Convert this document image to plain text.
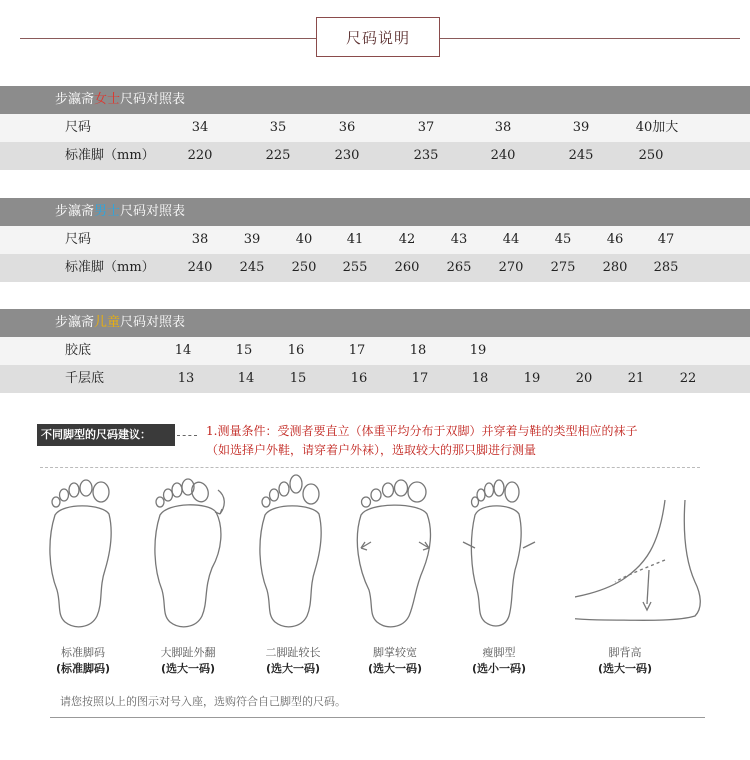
尺码说明
步瀛斋女士尺码对照表
尺码	34	35	36	37	38	39	40加大
标准脚（mm）	220	225	230	235	240	245	250
步瀛斋男士尺码对照表
尺码	38	39	40	41	42	43	44	45	46	47
标准脚（mm）	240 245 250 255 260 265 270 275 280 285
步瀛斋儿童尺码对照表
胶底	14	15	16	17	18	19
千层底	13	14	15	16	17	18	19	20	21	22
不同脚型的尺码建议：	1.测量条件：受测者要直立（体重平均分布于双脚）并穿着与鞋的类型相应的袜子
（如选择户外鞋，请穿着户外袜），选取较大的那只脚进行测量
标准脚码
(标准脚码)
大脚趾外翻
(选大一码)
二脚趾较长
(选大一码)
脚掌较宽
(选大一码)
瘦脚型
(选小一码)
脚背高
(选大一码)
请您按照以上的图示对号入座，选购符合自己脚型的尺码。
